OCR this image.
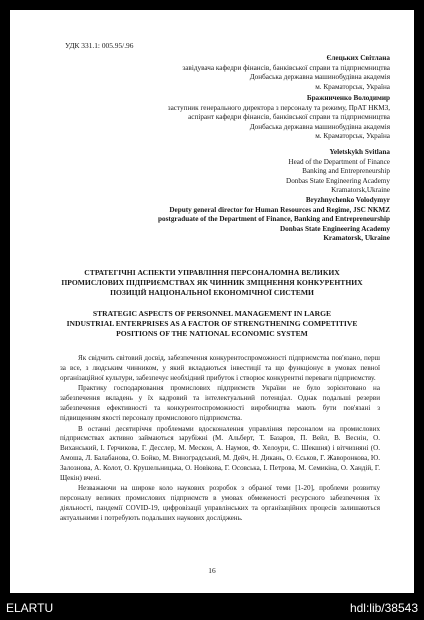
УДК 331.1: 005.95/.96
Єлецьких Світлана
завідувача кафедри фінансів, банківської справи та підприємництва
Донбаська державна машинобудівна академія
м. Краматорськ, Україна
Бражниченко Володимир
заступник генерального директора з персоналу та режиму, ПрАТ НКМЗ,
аспірант кафедри фінансів, банківської справи та підприємництва
Донбаська державна машинобудівна академія
м. Краматорськ, Україна
Yeletskykh Svitlana
Head of the Department of Finance
Banking and Entrepreneurship
Donbas State Engineering Academy
Kramatorsk,Ukraine
Bryzhnychenko Volodymyr
Deputy general director for Human Resources and Regime, JSC NKMZ
postgraduate of the Department of Finance, Banking and Entrepreneurship
Donbas State Engineering Academy
Kramatorsk, Ukraine
СТРАТЕГІЧНІ АСПЕКТИ УПРАВЛІННЯ ПЕРСОНАЛОМНА ВЕЛИКИХ
ПРОМИСЛОВИХ ПІДПРИЄМСТВАХ ЯК ЧИННИК ЗМІЦНЕННЯ КОНКУРЕНТНИХ
ПОЗИЦІЙ НАЦІОНАЛЬНОЇ ЕКОНОМІЧНОЇ СИСТЕМИ
STRATEGIC ASPECTS OF PERSONNEL MANAGEMENT IN LARGE
INDUSTRIAL ENTERPRISES AS A FACTOR OF STRENGTHENING COMPETITIVE
POSITIONS OF THE NATIONAL ECONOMIC SYSTEM

Як свідчить світовий досвід, забезпечення конкурентоспроможності підприємства пов'язано, перш за все, з людським чинником, у який вкладаються інвестиції та що функціонує в умовах певної організаційної культури, забезпечує необхідний прибуток і створює конкурентні переваги підприємству.

Практику господарювання промислових підприємств України не було зорієнтовано на забезпечення вкладень у їх кадровий та інтелектуальний потенціал. Однак подальші резерви забезпечення ефективності та конкурентоспроможності виробництва мають бути пов'язані з підвищенням якості персоналу промислового підприємства.

В останні десятиріччя проблемами вдосконалення управління персоналом на промислових підприємствах активно займаються зарубіжні (М. Альберт, Т. Базаров, П. Вейл, В. Веснін, О. Виханський, І. Герчикова, Г. Десслер, М. Мескон, А. Наумов, Ф. Хелоури, С. Шекшня) і вітчизняні (О. Амоша, Л. Балабанова, О. Бойко, М. Виноградський, М. Дейч, Н. Дикань, О. Єськов, Г. Жаворонкова, Ю. Залознова, А. Колот, О. Крушельницька, О. Новікова, Г. Осовська, І. Петрова, М. Семикіна, О. Хандій, Г. Щекін) вчені.

Незважаючи на широке коло наукових розробок з обраної теми [1-20], проблеми розвитку персоналу великих промислових підприємств в умовах обмеженості ресурсного забезпечення їх діяльності, пандемії COVID-19, цифровізації управлінських та організаційних процесів залишаються актуальними і потребують подальших наукових досліджень.

16
ELARTU	hdl:lib/38543
